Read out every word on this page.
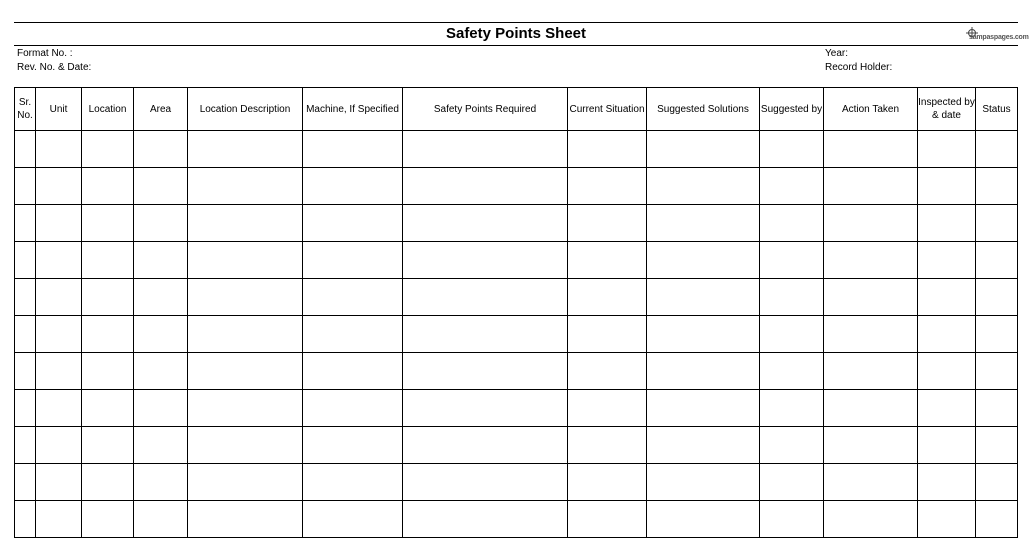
Safety Points Sheet	sampaspages.com
Format No. :
Rev. No. & Date:
Year:
Record Holder:
Sr. No.	Unit	Location	Area	Location Description	Machine, If Specified	Safety Points Required	Current Situation	Suggested Solutions	Suggested by	Action Taken	Inspected by & date	Status
